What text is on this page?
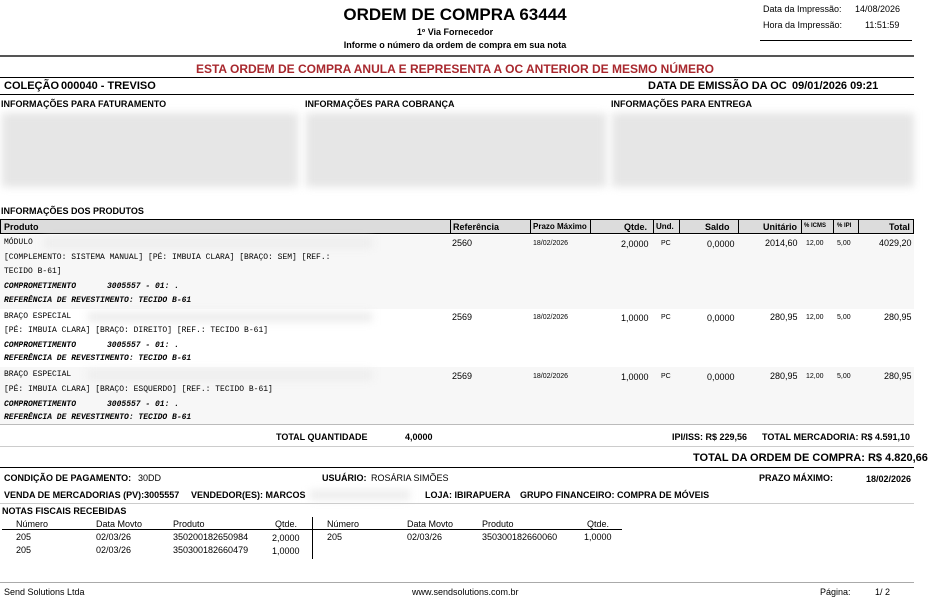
ORDEM DE COMPRA 63444
1º Via Fornecedor
Informe o número da ordem de compra em sua nota
Data da Impressão: 14/08/2026
Hora da Impressão:	11:51:59
ESTA ORDEM DE COMPRA ANULA E REPRESENTA A OC ANTERIOR DE MESMO NÚMERO
COLEÇÃO 000040 - TREVISO	DATA DE EMISSÃO DA OC 09/01/2026 09:21
INFORMAÇÕES PARA FATURAMENTO	INFORMAÇÕES PARA COBRANÇA	INFORMAÇÕES PARA ENTREGA
INFORMAÇÕES DOS PRODUTOS
Produto	Referência	Prazo Máximo	Qtde. Und.	Saldo	Unitário % ICMS % IPI	Total
MÓDULO
[COMPLEMENTO: SISTEMA MANUAL] [PÉ: IMBUIA CLARA] [BRAÇO: SEM] [REF.:
TECIDO B-61]
COMPROMETIMENTO	3005557 - 01: .
REFERÊNCIA DE REVESTIMENTO: TECIDO B-61
2560	18/02/2026	2,0000 PC	0,0000	2014,60 12,00 5,00	4029,20
BRAÇO ESPECIAL
[PÉ: IMBUIA CLARA] [BRAÇO: DIREITO] [REF.: TECIDO B-61]
COMPROMETIMENTO	3005557 - 01: .
REFERÊNCIA DE REVESTIMENTO: TECIDO B-61
2569	18/02/2026	1,0000 PC	0,0000	280,95 12,00 5,00	280,95
BRAÇO ESPECIAL
[PÉ: IMBUIA CLARA] [BRAÇO: ESQUERDO] [REF.: TECIDO B-61]
COMPROMETIMENTO	3005557 - 01: .
REFERÊNCIA DE REVESTIMENTO: TECIDO B-61
2569	18/02/2026	1,0000 PC	0,0000	280,95 12,00 5,00	280,95
TOTAL QUANTIDADE	4,0000	IPI/ISS: R$ 229,56 TOTAL MERCADORIA: R$ 4.591,10
TOTAL DA ORDEM DE COMPRA: R$ 4.820,66
CONDIÇÃO DE PAGAMENTO: 30DD	USUÁRIO: ROSÁRIA SIMÕES	PRAZO MÁXIMO:	18/02/2026
VENDA DE MERCADORIAS (PV):3005557 VENDEDOR(ES): MARCOS	LOJA: IBIRAPUERA GRUPO FINANCEIRO: COMPRA DE MÓVEIS
NOTAS FISCAIS RECEBIDAS
Número	Data Movto	Produto	Qtde.	Número	Data Movto	Produto	Qtde.
205	02/03/26	350200182650984	2,0000
205	02/03/26	350300182660479	1,0000
205	02/03/26	350300182660060	1,0000
Send Solutions Ltda	www.sendsolutions.com.br	Página:	1/ 2
